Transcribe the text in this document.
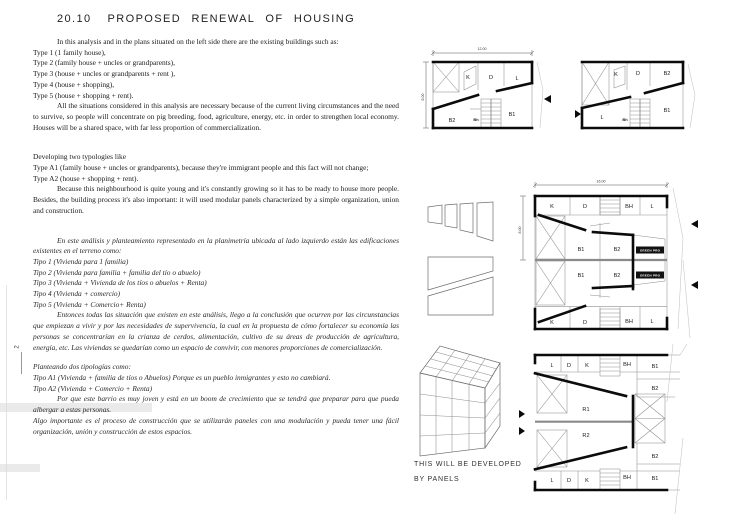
20.10 PROPOSED RENEWAL OF HOUSING
2

In this analysis and in the plans situated on the left side there are the existing buildings such as:

Type 1 (1 family house),
Type 2 (family house + uncles or grandparents),
Type 3 (house + uncles or grandparents + rent ),
Type 4 (house + shopping),
Type 5 (house + shopping + rent).

All the situations considered in this analysis are necessary because of the current living circumstances and the need to survive, so people will concentrate on pig breeding, food, agriculture, energy, etc. in order to strengthen local economy. Houses will be a shared space, with far less proportion of commercialization.

Developing two typologies like
Type A1 (family house + uncles or grandparents), because they're immigrant people and this fact will not change;
Type A2 (house + shopping + rent).

Because this neighbourhood is quite young and it's constantly growing so it has to be ready to house more people. Besides, the building process it's also important: it will used modular panels characterized by a simple organization, union and construction.

En este análisis y planteamiento representado en la planimetría ubicada al lado izquierdo están las edificaciones existentes en el terreno como:

Tipo 1 (Vivienda para 1 familia)
Tipo 2 (Vivienda para familia + familia del tío o abuelo)
Tipo 3 (Vivienda + Vivienda de los tíos o abuelos + Renta)
Tipo 4 (Vivienda + comercio)
Tipo 5 (Vivienda + Comercio+ Renta)

Entonces todas las situación que existen en este análisis, llego a la conclusión que ocurren por las circunstancias que empiezan a vivir y por las necesidades de supervivencia, la cual en la propuesta de cómo fortalecer su economía las personas se concentrarían en la crianza de cerdos, alimentación, cultivo de su áreas de producción de agricultura, energía, etc. Las viviendas se quedarían como un espacio de convivir, con menores proporciones de comercialización.

Planteando dos tipologías como:
Tipo A1 (Vivienda + familia de tíos o Abuelos) Porque es un pueblo inmigrantes y esto no cambiará.
Tipo A2 (Vivienda + Comercio + Renta)

Por que este barrio es muy joven y está en un boom de crecimiento que se tendrá que preparar para que pueda albergar a estas personas.

Algo importante es el proceso de construcción que se utilizarán paneles con una modulación y pueda tener una fácil organización, unión y construcción de estos espacios.

12.00
8.00
K	D	L
B2
B1
Bh
K	D	B2
L
B1
Bh
16.00
8.00
GREEN PRO
GREEN PRO
K	D	BH	L
B1	B2
B1	B2
K	D	BH	L
THIS WILL BE DEVELOPED
BY PANELS
L D	K	BH	B1
B2
R1
R2
B2
L D	K	BH	B1
